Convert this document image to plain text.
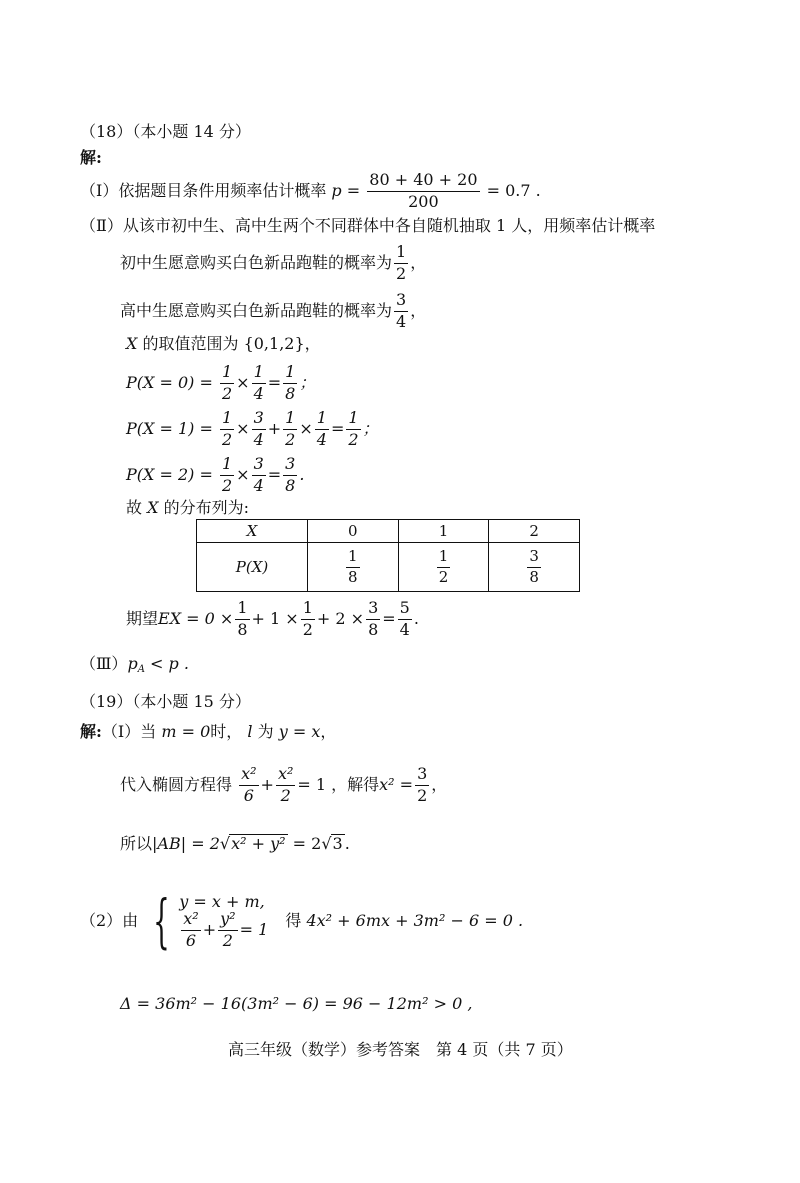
（18）（本小题 14 分）
解:
（Ⅰ）依据题目条件用频率估计概率 $p = \frac{80 + 40 + 20}{200} = 0.7$ .
（Ⅱ）从该市初中生、高中生两个不同群体中各自随机抽取 1 人，用频率估计概率
初中生愿意购买白色新品跑鞋的概率为 $\frac{1}{2}$ ，
高中生愿意购买白色新品跑鞋的概率为 $\frac{3}{4}$ ，
X 的取值范围为 {0,1,2}，
$P(X = 0) = \frac{1}{2} \times \frac{1}{4} = \frac{1}{8}$ ；
$P(X = 1) = \frac{1}{2} \times \frac{3}{4} + \frac{1}{2} \times \frac{1}{4} = \frac{1}{2}$ ；
$P(X = 2) = \frac{1}{2} \times \frac{3}{4} = \frac{3}{8}$ .
故 X 的分布列为:
X	0	1	2
P(X)	$\frac{1}{8}$	$\frac{1}{2}$	$\frac{3}{8}$
期望EX = $0 \times \frac{1}{8} + 1 \times \frac{1}{2} + 2 \times \frac{3}{8} = \frac{5}{4}$ .
$(Ⅲ)p_A < p$ .
（19）（本小题 15 分）
解:（Ⅰ）当 m = 0时， l 为 y = x，
代入椭圆方程得 $\frac{\text{x²}}{6} + \frac{\text{x²}}{2} = 1$ ，解得$x^2 = \frac{3}{2}$ ，
所以|AB| = 2√x² + y² = 2√3 .
（2）由 { y = x + m,
$\frac{\text{x²}}{6} + \frac{\text{y²}}{2} = 1$ 得 4x² + 6mx + 3m² − 6 = 0 .
Δ = 36m² − 16(3m² − 6) = 96 − 12m² > 0 ,
高三年级（数学）参考答案　第 4 页（共 7 页）
